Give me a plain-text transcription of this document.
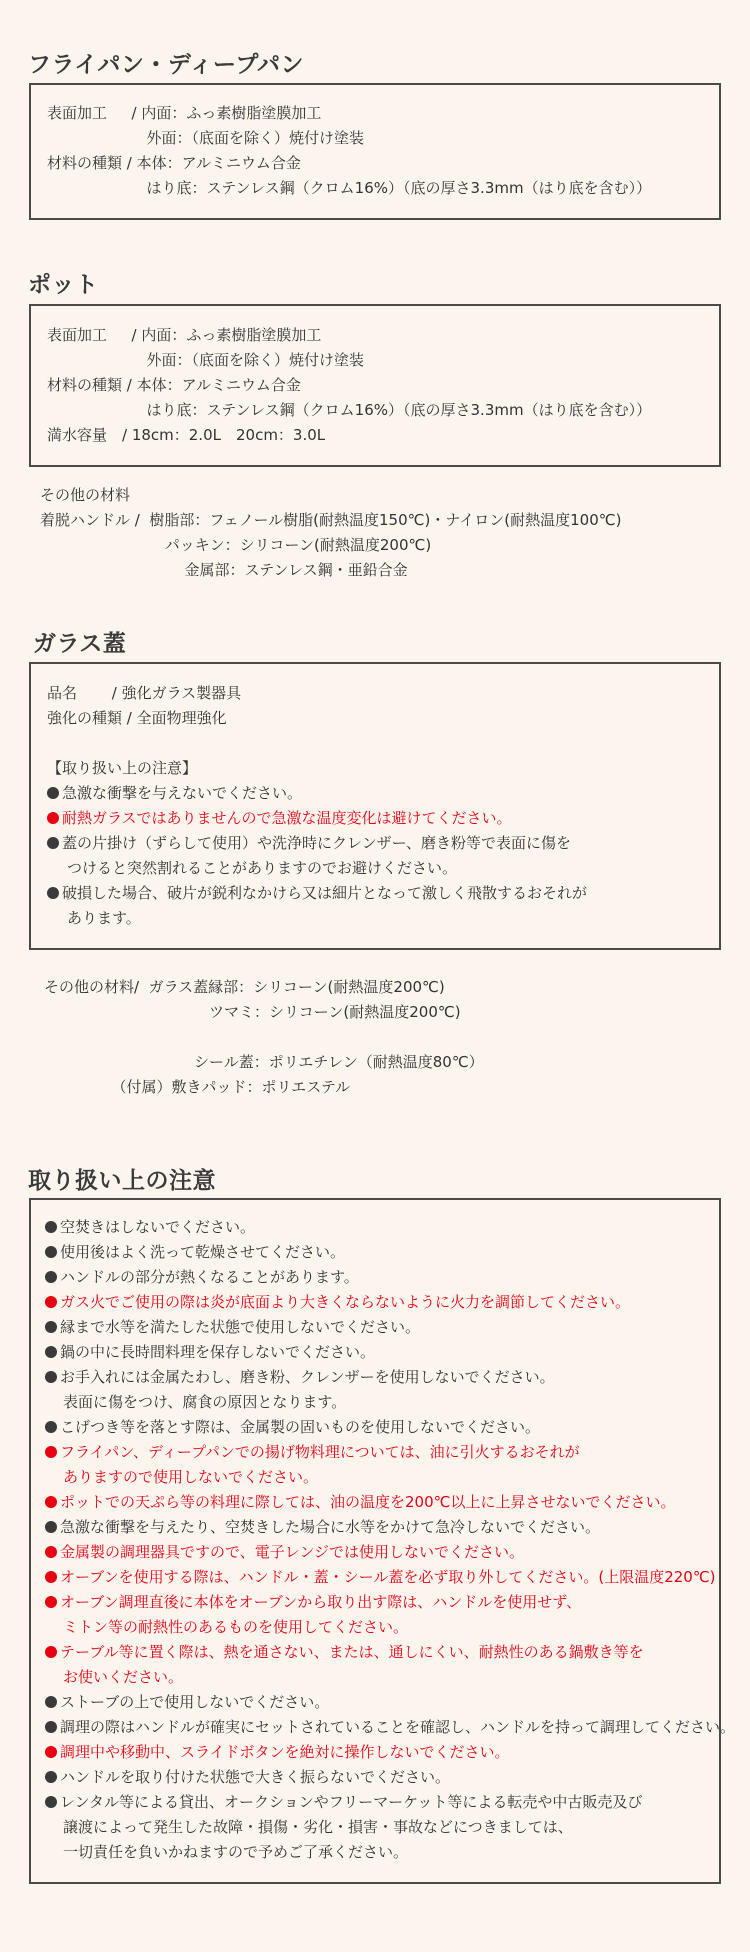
フライパン・ディープパン
表面加工　  / 内面：ふっ素樹脂塗膜加工
　　　　　　  外面：（底面を除く）焼付け塗装
材料の種類 / 本体：アルミニウム合金
　　　　　　  はり底：ステンレス鋼（クロム16%）（底の厚さ3.3mm（はり底を含む））
ポット
表面加工　  / 内面：ふっ素樹脂塗膜加工
　　　　　　  外面：（底面を除く）焼付け塗装
材料の種類 / 本体：アルミニウム合金
　　　　　　  はり底：ステンレス鋼（クロム16%）（底の厚さ3.3mm（はり底を含む））
満水容量　/ 18cm：2.0L　20cm：3.0L
その他の材料
着脱ハンドル /  樹脂部：フェノール樹脂(耐熱温度150℃)・ナイロン(耐熱温度100℃)
　　　　　　　　 パッキン：シリコーン(耐熱温度200℃)
　　　　　　　　　  金属部：ステンレス鋼・亜鉛合金
ガラス蓋
品名　　 / 強化ガラス製器具
強化の種類 / 全面物理強化
【取り扱い上の注意】
急激な衝撃を与えないでください。
耐熱ガラスではありませんので急激な温度変化は避けてください。
蓋の片掛け（ずらして使用）や洗浄時にクレンザー、磨き粉等で表面に傷を
つけると突然割れることがありますのでお避けください。
破損した場合、破片が鋭利なかけら又は細片となって激しく飛散するおそれが
あります。
その他の材料/  ガラス蓋縁部：シリコーン(耐熱温度200℃)
　　　　　　　　　　　ツマミ：シリコーン(耐熱温度200℃)
　　　　　　　　　　シール蓋：ポリエチレン（耐熱温度80℃）
　　　　　（付属）敷きパッド：ポリエステル
取り扱い上の注意
空焚きはしないでください。
使用後はよく洗って乾燥させてください。
ハンドルの部分が熱くなることがあります。
ガス火でご使用の際は炎が底面より大きくならないように火力を調節してください。
縁まで水等を満たした状態で使用しないでください。
鍋の中に長時間料理を保存しないでください。
お手入れには金属たわし、磨き粉、クレンザーを使用しないでください。
表面に傷をつけ、腐食の原因となります。
こげつき等を落とす際は、金属製の固いものを使用しないでください。
フライパン、ディープパンでの揚げ物料理については、油に引火するおそれが
ありますので使用しないでください。
ポットでの天ぷら等の料理に際しては、油の温度を200℃以上に上昇させないでください。
急激な衝撃を与えたり、空焚きした場合に水等をかけて急冷しないでください。
金属製の調理器具ですので、電子レンジでは使用しないでください。
オーブンを使用する際は、ハンドル・蓋・シール蓋を必ず取り外してください。(上限温度220℃)
オーブン調理直後に本体をオーブンから取り出す際は、ハンドルを使用せず、
ミトン等の耐熱性のあるものを使用してください。
テーブル等に置く際は、熱を通さない、または、通しにくい、耐熱性のある鍋敷き等を
お使いください。
ストーブの上で使用しないでください。
調理の際はハンドルが確実にセットされていることを確認し、ハンドルを持って調理してください。
調理中や移動中、スライドボタンを絶対に操作しないでください。
ハンドルを取り付けた状態で大きく振らないでください。
レンタル等による貸出、オークションやフリーマーケット等による転売や中古販売及び
譲渡によって発生した故障・損傷・劣化・損害・事故などにつきましては、
一切責任を負いかねますので予めご了承ください。
